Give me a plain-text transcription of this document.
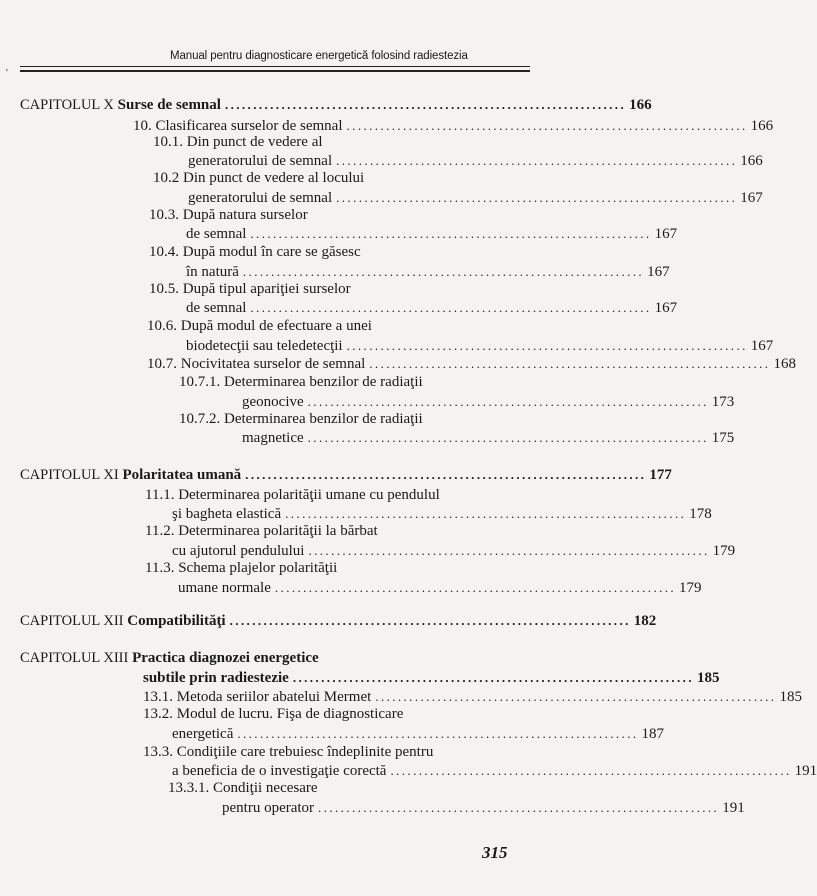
Manual pentru diagnosticare energetică folosind radiestezia
'
CAPITOLUL X Surse de semnal ....................................................................... 166
10. Clasificarea surselor de semnal ....................................................................... 166
10.1. Din punct de vedere al
generatorului de semnal ....................................................................... 166
10.2 Din punct de vedere al locului
generatorului de semnal ....................................................................... 167
10.3. După natura surselor
de semnal ....................................................................... 167
10.4. După modul în care se găsesc
în natură ....................................................................... 167
10.5. După tipul apariţiei surselor
de semnal ....................................................................... 167
10.6. După modul de efectuare a unei
biodetecţii sau teledetecţii ....................................................................... 167
10.7. Nocivitatea surselor de semnal ....................................................................... 168
10.7.1. Determinarea benzilor de radiaţii
geonocive ....................................................................... 173
10.7.2. Determinarea benzilor de radiaţii
magnetice ....................................................................... 175
CAPITOLUL XI Polaritatea umană ....................................................................... 177
11.1. Determinarea polarităţii umane cu pendulul
şi bagheta elastică ....................................................................... 178
11.2. Determinarea polarităţii la bărbat
cu ajutorul pendulului ....................................................................... 179
11.3. Schema plajelor polarităţii
umane normale ....................................................................... 179
CAPITOLUL XII Compatibilităţi ....................................................................... 182
CAPITOLUL XIII Practica diagnozei energetice
subtile prin radiestezie ....................................................................... 185
13.1. Metoda seriilor abatelui Mermet ....................................................................... 185
13.2. Modul de lucru. Fişa de diagnosticare
energetică ....................................................................... 187
13.3. Condiţiile care trebuiesc îndeplinite pentru
a beneficia de o investigaţie corectă ....................................................................... 191
13.3.1. Condiţii necesare
pentru operator ....................................................................... 191
315
